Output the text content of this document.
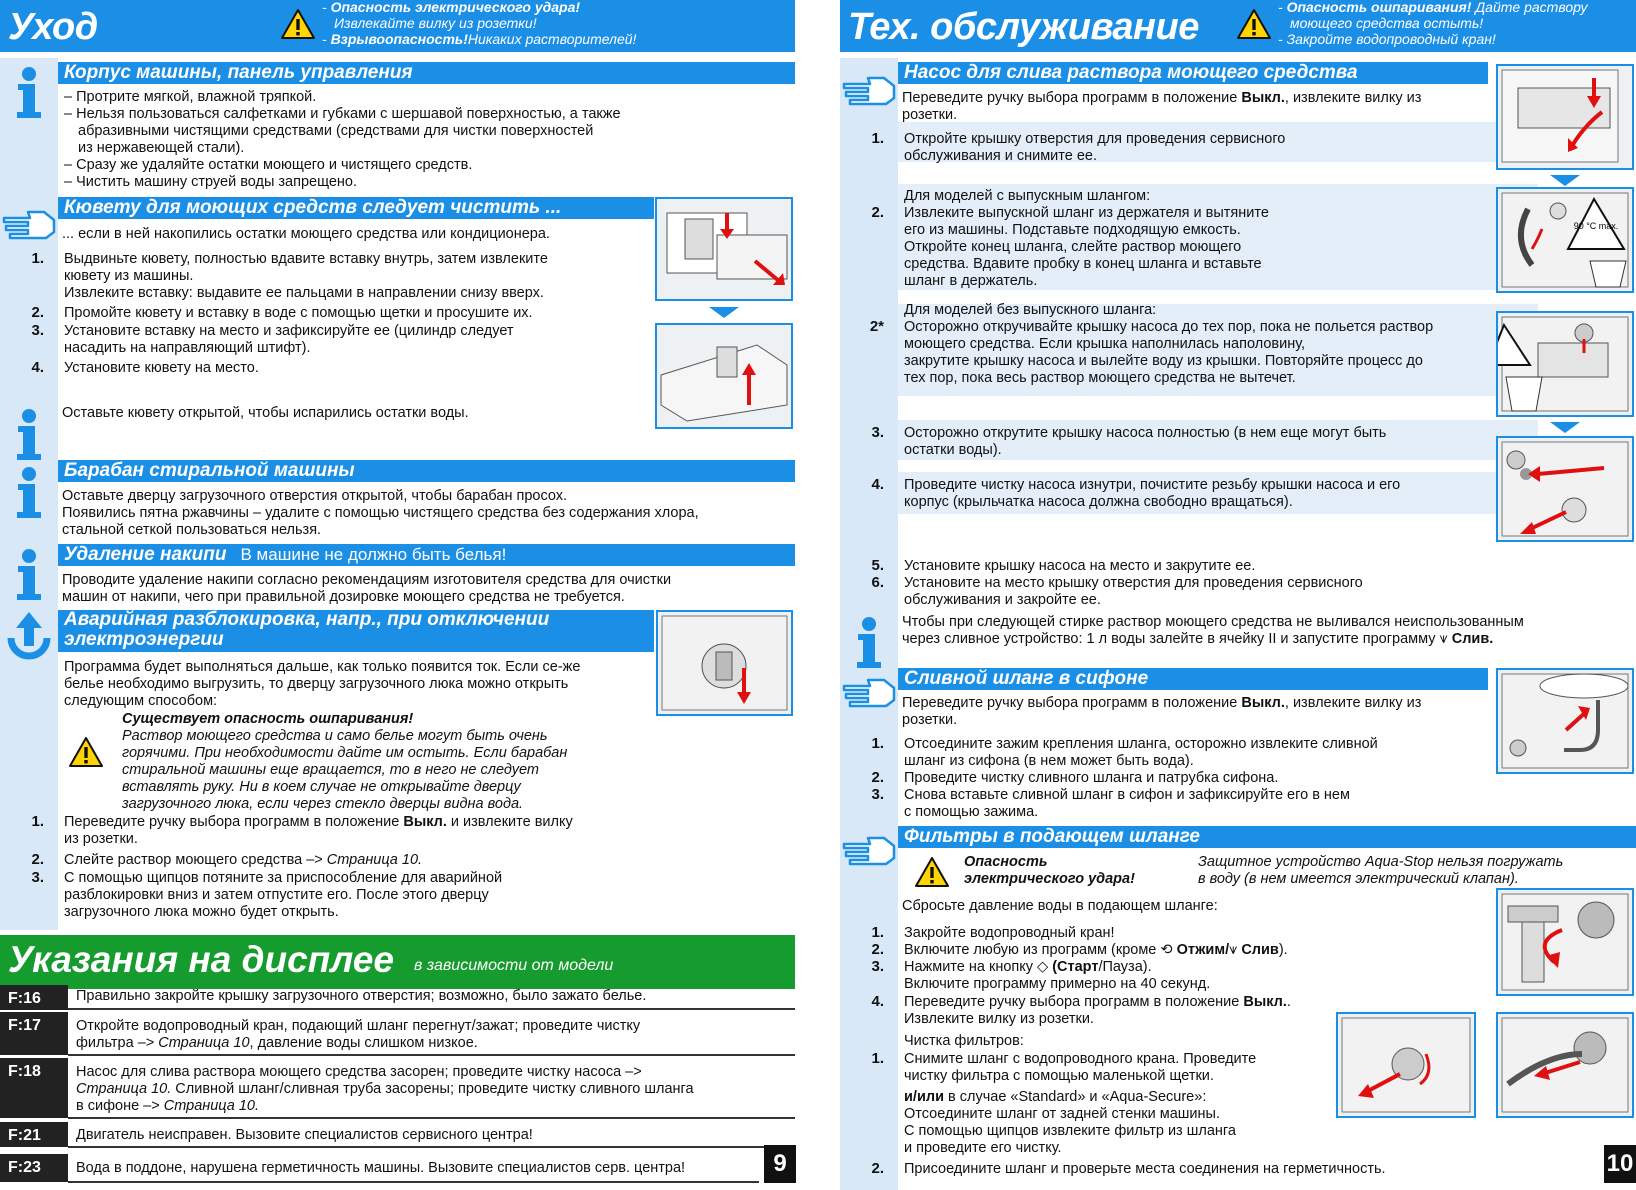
Уход	- Опасность электрического удара!
Извлекайте вилку из розетки!
- Взрывоопасность!Никаких растворителей!
Корпус машины, панель управления
– Протрите мягкой, влажной тряпкой.
– Нельзя пользоваться салфетками и губками с шершавой поверхностью, а также
абразивными чистящими средствами (средствами для чистки поверхностей
из нержавеющей стали).
– Сразу же удаляйте остатки моющего и чистящего средств.
– Чистить машину струей воды запрещено.
Кювету для моющих средств следует чистить ...
... если в ней накопились остатки моющего средства или кондиционера.
1. Выдвиньте кювету, полностью вдавите вставку внутрь, затем извлеките
кювету из машины.
Извлеките вставку: выдавите ее пальцами в направлении снизу вверх.
2. Промойте кювету и вставку в воде с помощью щетки и просушите их.
3. Установите вставку на место и зафиксируйте ее (цилиндр следует
насадить на направляющий штифт).
4. Установите кювету на место.
Оставьте кювету открытой, чтобы испарились остатки воды.
Барабан стиральной машины
Оставьте дверцу загрузочного отверстия открытой, чтобы барабан просох.
Появились пятна ржавчины – удалите с помощью чистящего средства без содержания хлора,
стальной сеткой пользоваться нельзя.
Удаление накипи В машине не должно быть белья!
Проводите удаление накипи согласно рекомендациям изготовителя средства для очистки
машин от накипи, чего при правильной дозировке моющего средства не требуется.
Аварийная разблокировка, напр., при отключении
электроэнергии
Программа будет выполняться дальше, как только появится ток. Если се-же
белье необходимо выгрузить, то дверцу загрузочного люка можно открыть
следующим способом:
Существует опасность ошпаривания!
Раствор моющего средства и само белье могут быть очень
горячими. При необходимости дайте им остыть. Если барабан
стиральной машины еще вращается, то в него не следует
вставлять руку. Ни в коем случае не открывайте дверцу
загрузочного люка, если через стекло дверцы видна вода.
1. Переведите ручку выбора программ в положение Выкл. и извлеките вилку
из розетки.
2. Слейте раствор моющего средства –> Страница 10.
3. С помощью щипцов потяните за приспособление для аварийной
разблокировки вниз и затем отпустите его. После этого дверцу
загрузочного люка можно будет открыть.
Указания на дисплее в зависимости от модели
F:16	Правильно закройте крышку загрузочного отверстия; возможно, было зажато белье.
F:17	Откройте водопроводный кран, подающий шланг перегнут/зажат; проведите чистку
фильтра –> Страница 10, давление воды слишком низкое.
F:18	Насос для слива раствора моющего средства засорен; проведите чистку насоса –>
Страница 10. Сливной шланг/сливная труба засорены; проведите чистку сливного шланга
в сифоне –> Страница 10.
F:21	Двигатель неисправен. Вызовите специалистов сервисного центра!
F:23	Вода в поддоне, нарушена герметичность машины. Вызовите специалистов серв. центра!	9
Тех. обслуживание	- Опасность ошпаривания! Дайте раствору
моющего средства остыть!
- Закройте водопроводный кран!
Насос для слива раствора моющего средства
Переведите ручку выбора программ в положение Выкл., извлеките вилку из
розетки.
1. Откройте крышку отверстия для проведения сервисного
обслуживания и снимите ее.
Для моделей с выпускным шлангом:
Извлеките выпускной шланг из держателя и вытяните
его из машины. Подставьте подходящую емкость.
Откройте конец шланга, слейте раствор моющего
средства. Вдавите пробку в конец шланга и вставьте
шланг в держатель.
2.
Для моделей без выпускного шланга:
Осторожно откручивайте крышку насоса до тех пор, пока не польется раствор
моющего средства. Если крышка наполнилась наполовину,
закрутите крышку насоса и вылейте воду из крышки. Повторяйте процесс до
тех пор, пока весь раствор моющего средства не вытечет.
2*
3. Осторожно открутите крышку насоса полностью (в нем еще могут быть
остатки воды).
4. Проведите чистку насоса изнутри, почистите резьбу крышки насоса и его
корпус (крыльчатка насоса должна свободно вращаться).
5. Установите крышку насоса на место и закрутите ее.
6. Установите на место крышку отверстия для проведения сервисного
обслуживания и закройте ее.
Чтобы при следующей стирке раствор моющего средства не выливался неиспользованным
через сливное устройство: 1 л воды залейте в ячейку II и запустите программу ⩛ Слив.
90 °C max.
Сливной шланг в сифоне
Переведите ручку выбора программ в положение Выкл., извлеките вилку из
розетки.
1. Отсоедините зажим крепления шланга, осторожно извлеките сливной
шланг из сифона (в нем может быть вода).
2. Проведите чистку сливного шланга и патрубка сифона.
3. Снова вставьте сливной шланг в сифон и зафиксируйте его в нем
с помощью зажима.
Фильтры в подающем шланге
Опасность
электрического удара!
Защитное устройство Aqua-Stop нельзя погружать
в воду (в нем имеется электрический клапан).
Сбросьте давление воды в подающем шланге:
1. Закройте водопроводный кран!
2. Включите любую из программ (кроме ⟲ Отжим/⩛ Слив).
3. Нажмите на кнопку ◇ (Старт/Пауза).
Включите программу примерно на 40 секунд.
4. Переведите ручку выбора программ в положение Выкл..
Извлеките вилку из розетки.
Чистка фильтров:
1. Снимите шланг с водопроводного крана. Проведите
чистку фильтра с помощью маленькой щетки.
и/или в случае «Standard» и «Aqua-Secure»:
Отсоедините шланг от задней стенки машины.
С помощью щипцов извлеките фильтр из шланга
и проведите его чистку.
2. Присоедините шланг и проверьте места соединения на герметичность.	10
